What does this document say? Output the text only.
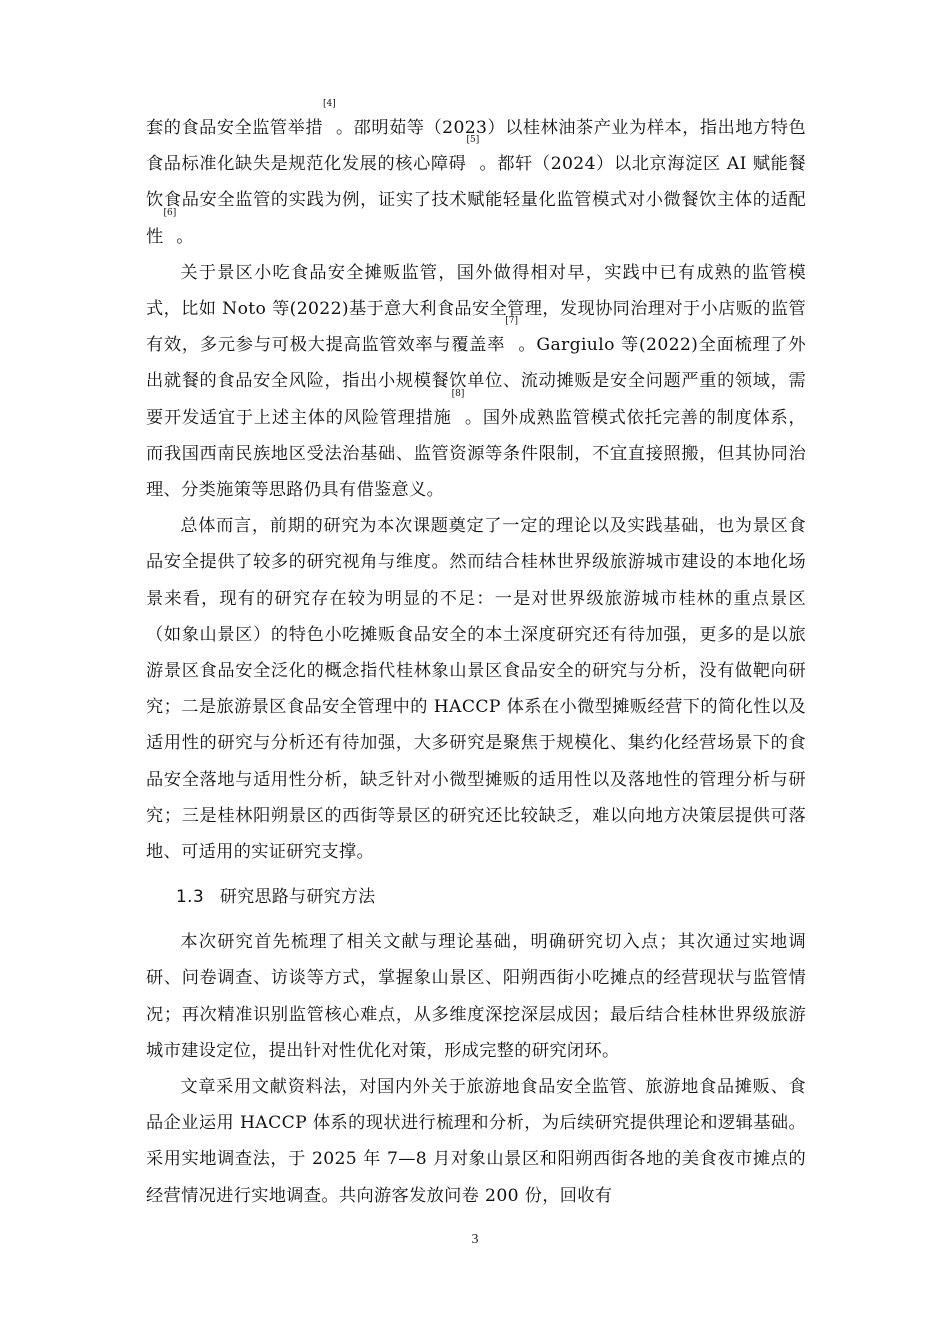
套的食品安全监管举措[4]。邵明茹等（2023）以桂林油茶产业为样本，指出地方特色食品标准化缺失是规范化发展的核心障碍[5]。都轩（2024）以北京海淀区 AI 赋能餐饮食品安全监管的实践为例，证实了技术赋能轻量化监管模式对小微餐饮主体的适配性[6]。

关于景区小吃食品安全摊贩监管，国外做得相对早，实践中已有成熟的监管模式，比如 Noto 等(2022)基于意大利食品安全管理，发现协同治理对于小店贩的监管有效，多元参与可极大提高监管效率与覆盖率[7]。Gargiulo 等(2022)全面梳理了外出就餐的食品安全风险，指出小规模餐饮单位、流动摊贩是安全问题严重的领域，需要开发适宜于上述主体的风险管理措施[8]。国外成熟监管模式依托完善的制度体系，而我国西南民族地区受法治基础、监管资源等条件限制，不宜直接照搬，但其协同治理、分类施策等思路仍具有借鉴意义。

总体而言，前期的研究为本次课题奠定了一定的理论以及实践基础，也为景区食品安全提供了较多的研究视角与维度。然而结合桂林世界级旅游城市建设的本地化场景来看，现有的研究存在较为明显的不足：一是对世界级旅游城市桂林的重点景区（如象山景区）的特色小吃摊贩食品安全的本土深度研究还有待加强，更多的是以旅游景区食品安全泛化的概念指代桂林象山景区食品安全的研究与分析，没有做靶向研究；二是旅游景区食品安全管理中的 HACCP 体系在小微型摊贩经营下的简化性以及适用性的研究与分析还有待加强，大多研究是聚焦于规模化、集约化经营场景下的食品安全落地与适用性分析，缺乏针对小微型摊贩的适用性以及落地性的管理分析与研究；三是桂林阳朔景区的西街等景区的研究还比较缺乏，难以向地方决策层提供可落地、可适用的实证研究支撑。

1.3 研究思路与研究方法

本次研究首先梳理了相关文献与理论基础，明确研究切入点；其次通过实地调研、问卷调查、访谈等方式，掌握象山景区、阳朔西街小吃摊点的经营现状与监管情况；再次精准识别监管核心难点，从多维度深挖深层成因；最后结合桂林世界级旅游城市建设定位，提出针对性优化对策，形成完整的研究闭环。

文章采用文献资料法，对国内外关于旅游地食品安全监管、旅游地食品摊贩、食品企业运用 HACCP 体系的现状进行梳理和分析，为后续研究提供理论和逻辑基础。采用实地调查法，于 2025 年 7—8 月对象山景区和阳朔西街各地的美食夜市摊点的经营情况进行实地调查。共向游客发放问卷 200 份，回收有

3
